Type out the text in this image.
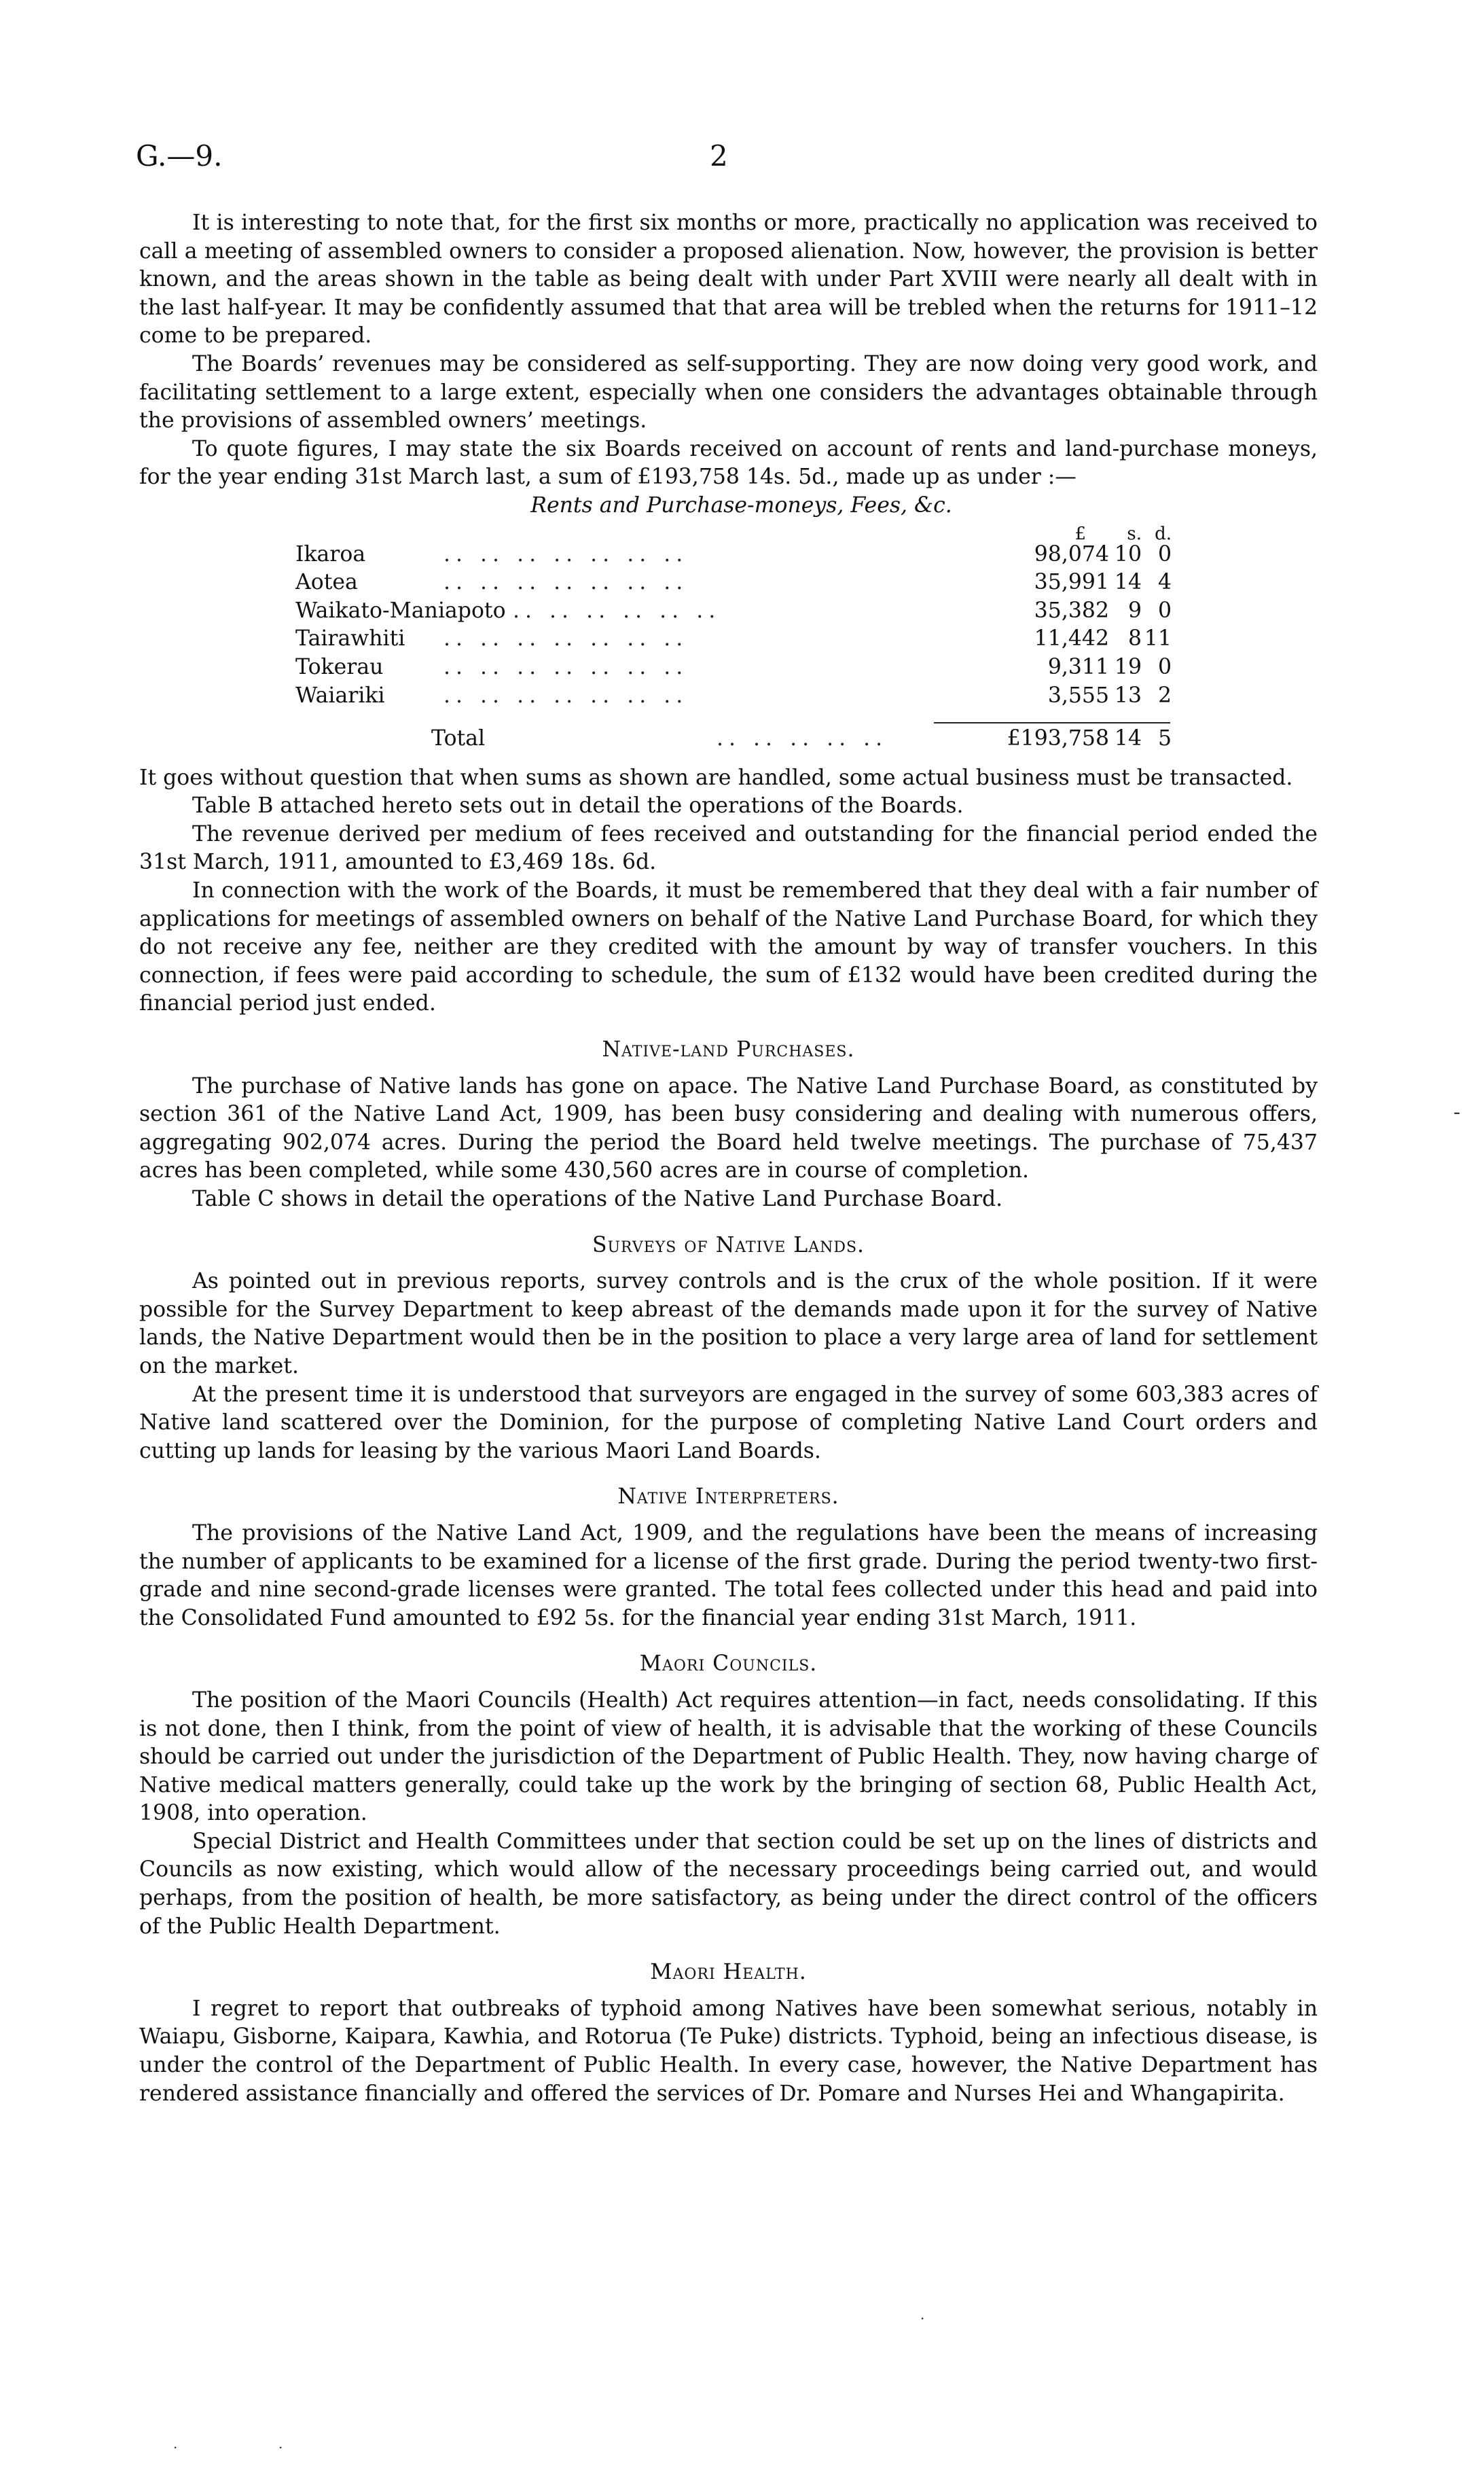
G.—9.	2

It is interesting to note that, for the first six months or more, practically no application was received to call a meeting of assembled owners to consider a proposed alienation. Now, however, the provision is better known, and the areas shown in the table as being dealt with under Part XVIII were nearly all dealt with in the last half-year. It may be confidently assumed that that area will be trebled when the returns for 1911–12 come to be prepared.

The Boards’ revenues may be considered as self-supporting. They are now doing very good work, and facilitating settlement to a large extent, especially when one considers the advantages obtainable through the provisions of assembled owners’ meetings.

To quote figures, I may state the six Boards received on account of rents and land-purchase moneys, for the year ending 31st March last, a sum of £193,758 14s. 5d., made up as under :—

Rents and Purchase-moneys, Fees, &c.

£	s. d.
Ikaroa	.. .. .. .. .. .. ..	98,074 10 0
Aotea	.. .. .. .. .. .. ..	35,991 14 4
Waikato-Maniapoto .. .. .. .. .. ..	35,382 9 0
Tairawhiti	.. .. .. .. .. .. ..	11,442 8 11
Tokerau	.. .. .. .. .. .. ..	9,311 19 0
Waiariki	.. .. .. .. .. .. ..	3,555 13 2
Total	.. .. .. .. ..	£193,758 14 5

It goes without question that when sums as shown are handled, some actual business must be transacted.

Table B attached hereto sets out in detail the operations of the Boards.

The revenue derived per medium of fees received and outstanding for the financial period ended the 31st March, 1911, amounted to £3,469 18s. 6d.

In connection with the work of the Boards, it must be remembered that they deal with a fair number of applications for meetings of assembled owners on behalf of the Native Land Purchase Board, for which they do not receive any fee, neither are they credited with the amount by way of transfer vouchers. In this connection, if fees were paid according to schedule, the sum of £132 would have been credited during the financial period just ended.

Native-land Purchases.

The purchase of Native lands has gone on apace. The Native Land Purchase Board, as constituted by section 361 of the Native Land Act, 1909, has been busy considering and dealing with numerous offers, aggregating 902,074 acres. During the period the Board held twelve meetings. The purchase of 75,437 acres has been completed, while some 430,560 acres are in course of completion.

Table C shows in detail the operations of the Native Land Purchase Board.

Surveys of Native Lands.

As pointed out in previous reports, survey controls and is the crux of the whole position. If it were possible for the Survey Department to keep abreast of the demands made upon it for the survey of Native lands, the Native Department would then be in the position to place a very large area of land for settlement on the market.

At the present time it is understood that surveyors are engaged in the survey of some 603,383 acres of Native land scattered over the Dominion, for the purpose of completing Native Land Court orders and cutting up lands for leasing by the various Maori Land Boards.

Native Interpreters.

The provisions of the Native Land Act, 1909, and the regulations have been the means of increasing the number of applicants to be examined for a license of the first grade. During the period twenty-two first-grade and nine second-grade licenses were granted. The total fees collected under this head and paid into the Consolidated Fund amounted to £92 5s. for the financial year ending 31st March, 1911.

Maori Councils.

The position of the Maori Councils (Health) Act requires attention—in fact, needs consolidating. If this is not done, then I think, from the point of view of health, it is advisable that the working of these Councils should be carried out under the jurisdiction of the Department of Public Health. They, now having charge of Native medical matters generally, could take up the work by the bringing of section 68, Public Health Act, 1908, into operation.

Special District and Health Committees under that section could be set up on the lines of districts and Councils as now existing, which would allow of the necessary proceedings being carried out, and would perhaps, from the position of health, be more satisfactory, as being under the direct control of the officers of the Public Health Department.

Maori Health.

I regret to report that outbreaks of typhoid among Natives have been somewhat serious, notably in Waiapu, Gisborne, Kaipara, Kawhia, and Rotorua (Te Puke) districts. Typhoid, being an infectious disease, is under the control of the Department of Public Health. In every case, however, the Native Department has rendered assistance financially and offered the services of Dr. Pomare and Nurses Hei and Whangapirita.

-
.
.	.
